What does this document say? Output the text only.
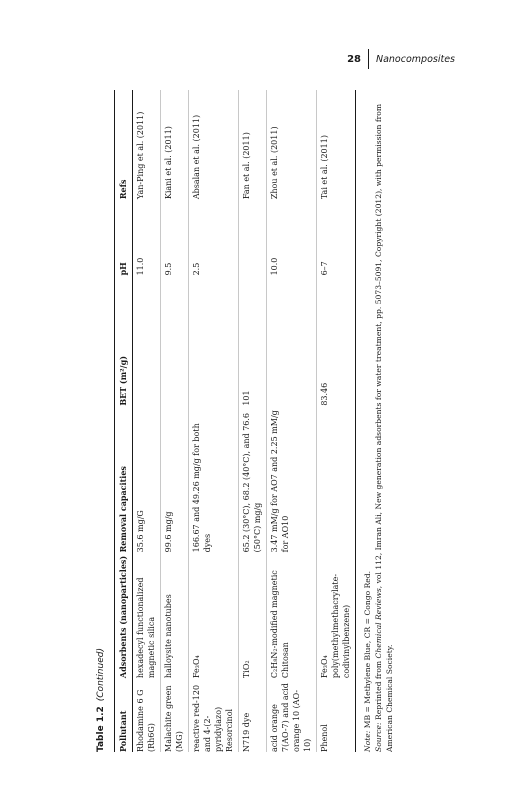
28 Nanocomposites
Table 1.2(Continued)
Pollutant	Adsorbents (nanoparticles)	Removal capacities	BET (m²/g)	pH	Refs
Rhodamine 6 G (Rh6G)	hexadecyl functionalized magnetic silica	35.6 mg/G		11.0	Yan-Ping et al. (2011)
Malachite green (MG)	halloysite nanotubes	99.6 mg/g		9.5	Kiani et al. (2011)
reactive red-120 and 4-(2-pyridylazo) Resorcinol	Fe₃O₄	166.67 and 49.26 mg/g for both dyes		2.5	Absalan et al. (2011)
N719 dye	TiO₂	65.2 (30°C), 68.2 (40°C), and 76.6 (50°C) mg/g	101		Fan et al. (2011)
acid orange 7(AO-7) and acid orange 10 (AO-10)	C₂H₈N₂-modified magnetic Chitosan	3.47 mM/g for AO7 and 2.25 mM/g for AO10		10.0	Zhou et al. (2011)
Phenol	Fe₃O₄ poly(methylmethacrylate-codivinylbenzene)		83.46	6–7	Tai et al. (2011)

Note: MB = Methylene Blue, CR = Congo Red.

Source: Reprinted from Chemical Reviews, vol 112, Imran Ali, New generation adsorbents for water treatment, pp. 5073–5091, Copyright (2012), with permission from American Chemical Society.
